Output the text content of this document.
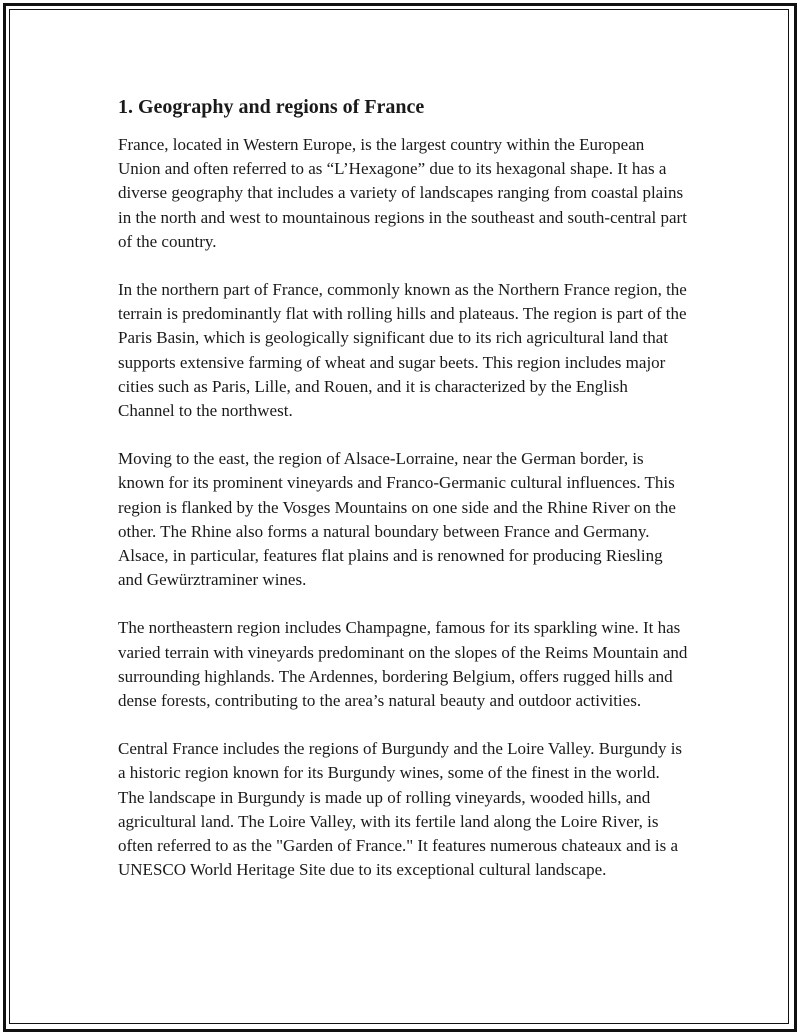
1. Geography and regions of France

France, located in Western Europe, is the largest country within the European Union and often referred to as “L’Hexagone” due to its hexagonal shape. It has a diverse geography that includes a variety of landscapes ranging from coastal plains in the north and west to mountainous regions in the southeast and south-central part of the country.

In the northern part of France, commonly known as the Northern France region, the terrain is predominantly flat with rolling hills and plateaus. The region is part of the Paris Basin, which is geologically significant due to its rich agricultural land that supports extensive farming of wheat and sugar beets. This region includes major cities such as Paris, Lille, and Rouen, and it is characterized by the English Channel to the northwest.

Moving to the east, the region of Alsace-Lorraine, near the German border, is known for its prominent vineyards and Franco-Germanic cultural influences. This region is flanked by the Vosges Mountains on one side and the Rhine River on the other. The Rhine also forms a natural boundary between France and Germany. Alsace, in particular, features flat plains and is renowned for producing Riesling and Gewürztraminer wines.

The northeastern region includes Champagne, famous for its sparkling wine. It has varied terrain with vineyards predominant on the slopes of the Reims Mountain and surrounding highlands. The Ardennes, bordering Belgium, offers rugged hills and dense forests, contributing to the area’s natural beauty and outdoor activities.

Central France includes the regions of Burgundy and the Loire Valley. Burgundy is a historic region known for its Burgundy wines, some of the finest in the world. The landscape in Burgundy is made up of rolling vineyards, wooded hills, and agricultural land. The Loire Valley, with its fertile land along the Loire River, is often referred to as the "Garden of France." It features numerous chateaux and is a UNESCO World Heritage Site due to its exceptional cultural landscape.
